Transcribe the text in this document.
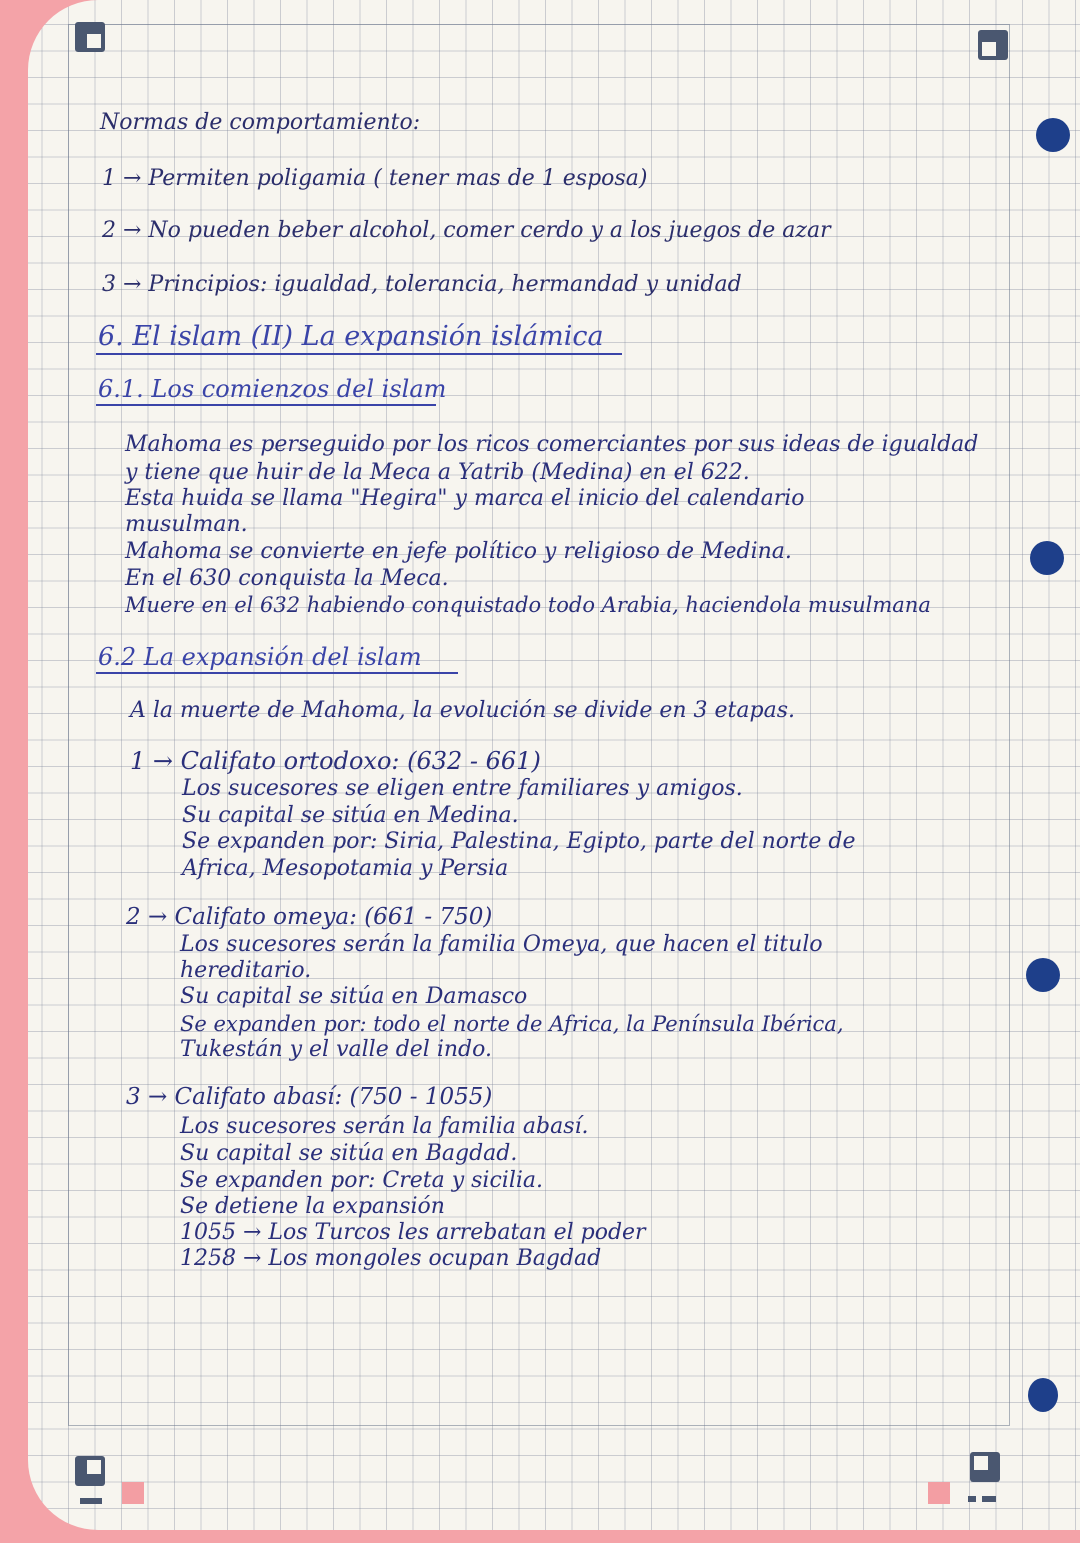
Normas de comportamiento:
1 → Permiten poligamia ( tener mas de 1 esposa)
2 → No pueden beber alcohol, comer cerdo y a los juegos de azar
3 → Principios: igualdad, tolerancia, hermandad y unidad
6. El islam (II) La expansión islámica
6.1. Los comienzos del islam
Mahoma es perseguido por los ricos comerciantes por sus ideas de igualdad
y tiene que huir de la Meca a Yatrib (Medina) en el 622.
Esta huida se llama "Hegira" y marca el inicio del calendario
musulman.
Mahoma se convierte en jefe político y religioso de Medina.
En el 630 conquista la Meca.
Muere en el 632 habiendo conquistado todo Arabia, haciendola musulmana
6.2 La expansión del islam
A la muerte de Mahoma, la evolución se divide en 3 etapas.
1 → Califato ortodoxo: (632 - 661)
Los sucesores se eligen entre familiares y amigos.
Su capital se sitúa en Medina.
Se expanden por: Siria, Palestina, Egipto, parte del norte de
Africa, Mesopotamia y Persia
2 → Califato omeya: (661 - 750)
Los sucesores serán la familia Omeya, que hacen el titulo
hereditario.
Su capital se sitúa en Damasco
Se expanden por: todo el norte de Africa, la Península Ibérica,
Tukestán y el valle del indo.
3 → Califato abasí: (750 - 1055)
Los sucesores serán la familia abasí.
Su capital se sitúa en Bagdad.
Se expanden por: Creta y sicilia.
Se detiene la expansión
1055 → Los Turcos les arrebatan el poder
1258 → Los mongoles ocupan Bagdad
